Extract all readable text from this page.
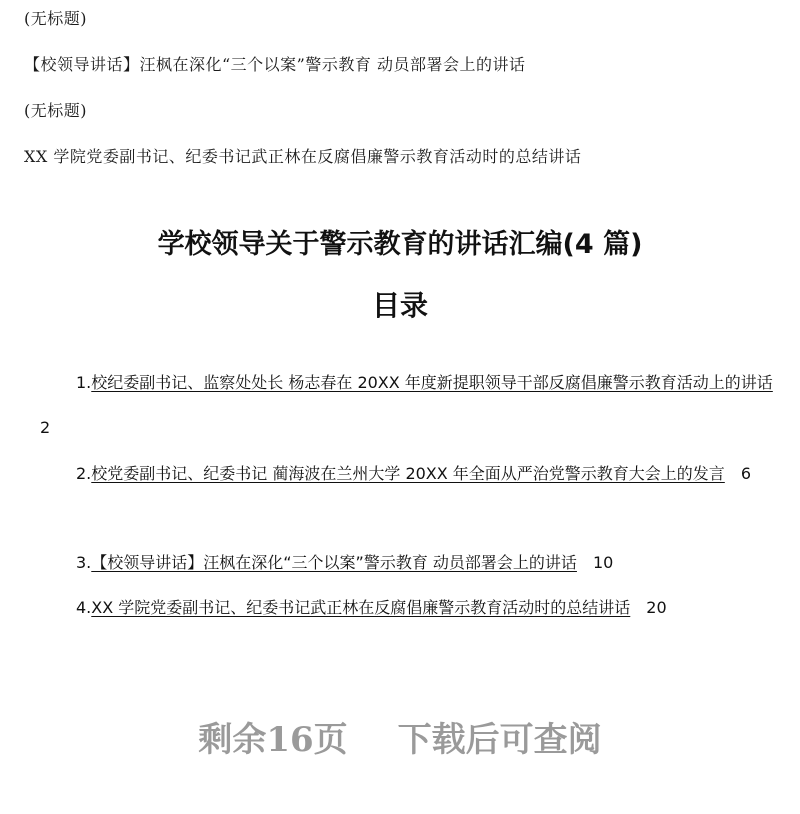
(无标题)
【校领导讲话】汪枫在深化“三个以案”警示教育 动员部署会上的讲话
(无标题)
XX 学院党委副书记、纪委书记武正林在反腐倡廉警示教育活动时的总结讲话
学校领导关于警示教育的讲话汇编(4 篇)
目录
1.校纪委副书记、监察处处长 杨志春在 20XX 年度新提职领导干部反腐倡廉警示教育活动上的讲话2
2.校党委副书记、纪委书记 蔺海波在兰州大学 20XX 年全面从严治党警示教育大会上的发言 6
3.【校领导讲话】汪枫在深化“三个以案”警示教育 动员部署会上的讲话 10
4.XX 学院党委副书记、纪委书记武正林在反腐倡廉警示教育活动时的总结讲话 20
剩余16页 下载后可查阅
